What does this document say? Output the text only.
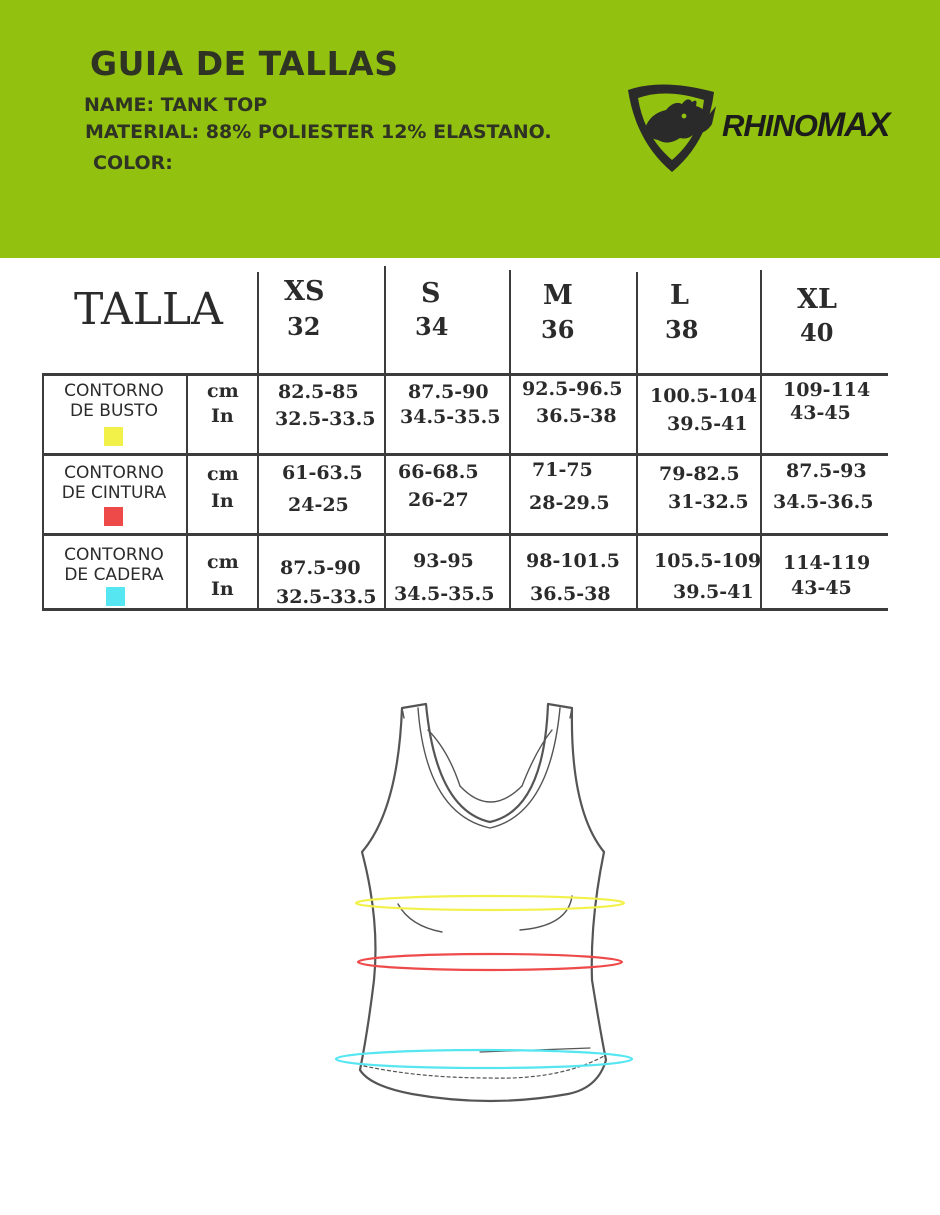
GUIA DE TALLAS
NAME: TANK TOP
MATERIAL: 88% POLIESTER 12% ELASTANO.
COLOR:
RHINOMAX
TALLA XS
32
S
34
M
36
L
38
XL
40
CONTORNO
DE BUSTO
cm
In
82.5-85
32.5-33.5
87.5-90
34.5-35.5
92.5-96.5
36.5-38
100.5-104
39.5-41
109-114
43-45
CONTORNO
DE CINTURA
cm
In
61-63.5
24-25
66-68.5
26-27
71-75
28-29.5
79-82.5
31-32.5
87.5-93
34.5-36.5
CONTORNO
DE CADERA
cm
In
87.5-90
32.5-33.5
93-95
34.5-35.5
98-101.5
36.5-38
105.5-109
39.5-41
114-119
43-45
